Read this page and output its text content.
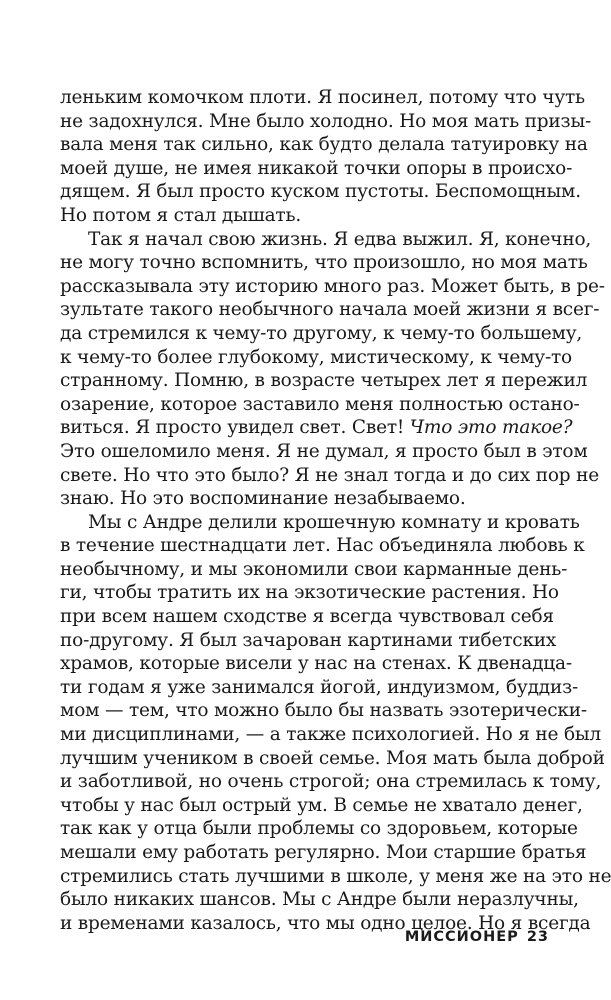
леньким комочком плоти. Я посинел, потому что чуть
не задохнулся. Мне было холодно. Но моя мать призы-
вала меня так сильно, как будто делала татуировку на
моей душе, не имея никакой точки опоры в происхо-
дящем. Я был просто куском пустоты. Беспомощным.
Но потом я стал дышать.
Так я начал свою жизнь. Я едва выжил. Я, конечно,
не могу точно вспомнить, что произошло, но моя мать
рассказывала эту историю много раз. Может быть, в ре-
зультате такого необычного начала моей жизни я всег-
да стремился к чему-то другому, к чему-то большему,
к чему-то более глубокому, мистическому, к чему-то
странному. Помню, в возрасте четырех лет я пережил
озарение, которое заставило меня полностью остано-
виться. Я просто увидел свет. Свет! Что это такое?
Это ошеломило меня. Я не думал, я просто был в этом
свете. Но что это было? Я не знал тогда и до сих пор не
знаю. Но это воспоминание незабываемо.
Мы с Андре делили крошечную комнату и кровать
в течение шестнадцати лет. Нас объединяла любовь к
необычному, и мы экономили свои карманные день-
ги, чтобы тратить их на экзотические растения. Но
при всем нашем сходстве я всегда чувствовал себя
по-другому. Я был зачарован картинами тибетских
храмов, которые висели у нас на стенах. К двенадца-
ти годам я уже занимался йогой, индуизмом, буддиз-
мом — тем, что можно было бы назвать эзотерически-
ми дисциплинами, — а также психологией. Но я не был
лучшим учеником в своей семье. Моя мать была доброй
и заботливой, но очень строгой; она стремилась к тому,
чтобы у нас был острый ум. В семье не хватало денег,
так как у отца были проблемы со здоровьем, которые
мешали ему работать регулярно. Мои старшие братья
стремились стать лучшими в школе, у меня же на это не
было никаких шансов. Мы с Андре были неразлучны,
и временами казалось, что мы одно целое. Но я всегда
МИССИОНЕР 23
